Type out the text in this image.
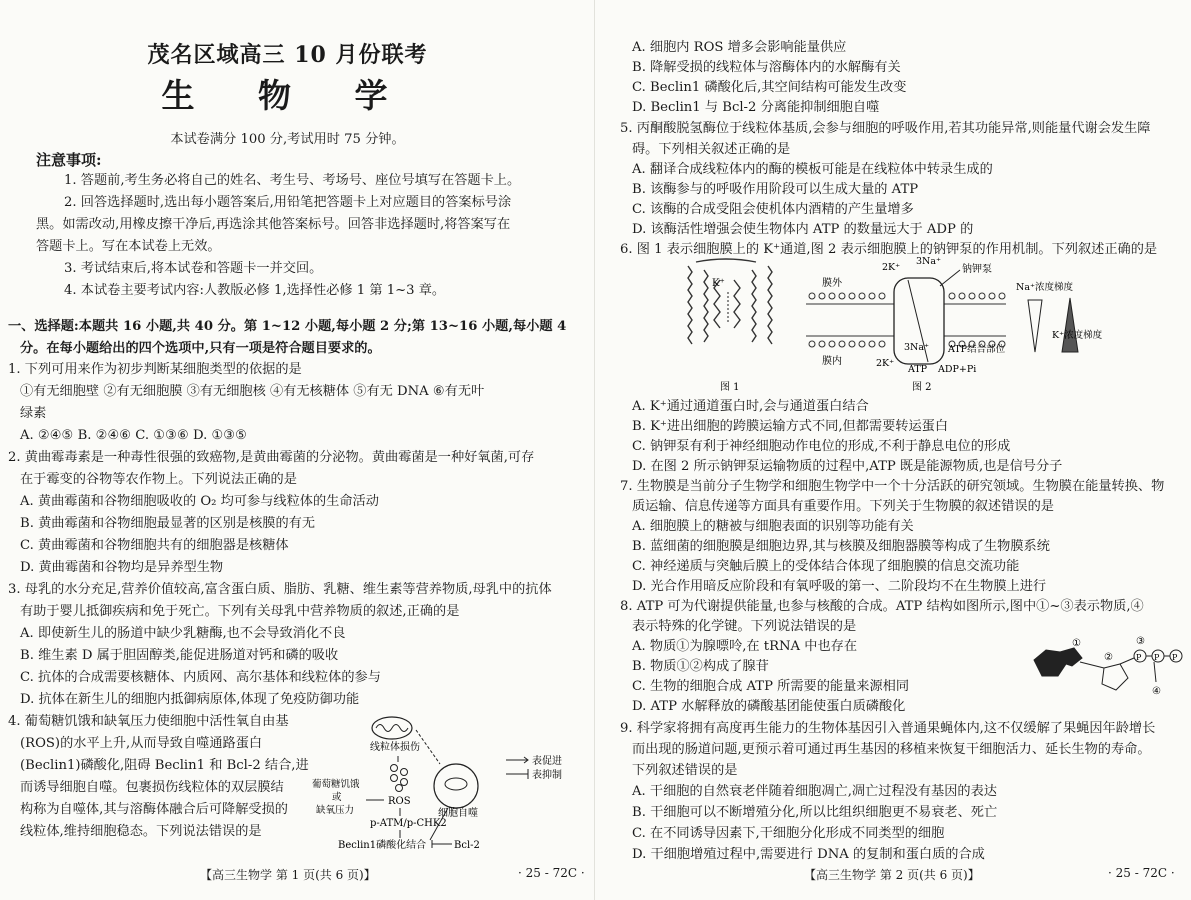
茂名区域高三 10 月份联考
生 物 学
本试卷满分 100 分,考试用时 75 分钟。
注意事项:
1. 答题前,考生务必将自己的姓名、考生号、考场号、座位号填写在答题卡上。
2. 回答选择题时,选出每小题答案后,用铅笔把答题卡上对应题目的答案标号涂
黑。如需改动,用橡皮擦干净后,再选涂其他答案标号。回答非选择题时,将答案写在
答题卡上。写在本试卷上无效。
3. 考试结束后,将本试卷和答题卡一并交回。
4. 本试卷主要考试内容:人教版必修 1,选择性必修 1 第 1~3 章。
一、选择题:本题共 16 小题,共 40 分。第 1~12 小题,每小题 2 分;第 13~16 小题,每小题 4
分。在每小题给出的四个选项中,只有一项是符合题目要求的。
1. 下列可用来作为初步判断某细胞类型的依据的是
①有无细胞壁 ②有无细胞膜 ③有无细胞核 ④有无核糖体 ⑤有无 DNA ⑥有无叶
绿素
A. ②④⑤ B. ②④⑥ C. ①③⑥ D. ①③⑤
2. 黄曲霉毒素是一种毒性很强的致癌物,是黄曲霉菌的分泌物。黄曲霉菌是一种好氧菌,可存
在于霉变的谷物等农作物上。下列说法正确的是
A. 黄曲霉菌和谷物细胞吸收的 O₂ 均可参与线粒体的生命活动
B. 黄曲霉菌和谷物细胞最显著的区别是核膜的有无
C. 黄曲霉菌和谷物细胞共有的细胞器是核糖体
D. 黄曲霉菌和谷物均是异养型生物
3. 母乳的水分充足,营养价值较高,富含蛋白质、脂肪、乳糖、维生素等营养物质,母乳中的抗体
有助于婴儿抵御疾病和免于死亡。下列有关母乳中营养物质的叙述,正确的是
A. 即使新生儿的肠道中缺少乳糖酶,也不会导致消化不良
B. 维生素 D 属于胆固醇类,能促进肠道对钙和磷的吸收
C. 抗体的合成需要核糖体、内质网、高尔基体和线粒体的参与
D. 抗体在新生儿的细胞内抵御病原体,体现了免疫防御功能
4. 葡萄糖饥饿和缺氧压力使细胞中活性氧自由基
(ROS)的水平上升,从而导致自噬通路蛋白
(Beclin1)磷酸化,阻碍 Beclin1 和 Bcl-2 结合,进
而诱导细胞自噬。包裹损伤线粒体的双层膜结
构称为自噬体,其与溶酶体融合后可降解受损的
线粒体,维持细胞稳态。下列说法错误的是
线粒体损伤
细胞自噬
葡萄糖饥饿
或
缺氧压力
ROS
p-ATM/p-CHK2
Beclin1磷酸化结合	Bcl-2
表促进
表抑制
【高三生物学 第 1 页(共 6 页)】	· 25 - 72C ·
A. 细胞内 ROS 增多会影响能量供应
B. 降解受损的线粒体与溶酶体内的水解酶有关
C. Beclin1 磷酸化后,其空间结构可能发生改变
D. Beclin1 与 Bcl-2 分离能抑制细胞自噬
5. 丙酮酸脱氢酶位于线粒体基质,会参与细胞的呼吸作用,若其功能异常,则能量代谢会发生障
碍。下列相关叙述正确的是
A. 翻译合成线粒体内的酶的模板可能是在线粒体中转录生成的
B. 该酶参与的呼吸作用阶段可以生成大量的 ATP
C. 该酶的合成受阻会使机体内酒精的产生量增多
D. 该酶活性增强会使生物体内 ATP 的数量远大于 ADP 的
6. 图 1 表示细胞膜上的 K⁺通道,图 2 表示细胞膜上的钠钾泵的作用机制。下列叙述正确的是
K⁺
图 1
膜外
膜内
2K⁺
3Na⁺
钠钾泵
3Na⁺
2K⁺
ATP结合部位
ATP ADP+Pi
图 2
Na⁺浓度梯度
K⁺浓度梯度
A. K⁺通过通道蛋白时,会与通道蛋白结合
B. K⁺进出细胞的跨膜运输方式不同,但都需要转运蛋白
C. 钠钾泵有利于神经细胞动作电位的形成,不利于静息电位的形成
D. 在图 2 所示钠钾泵运输物质的过程中,ATP 既是能源物质,也是信号分子
7. 生物膜是当前分子生物学和细胞生物学中一个十分活跃的研究领域。生物膜在能量转换、物
质运输、信息传递等方面具有重要作用。下列关于生物膜的叙述错误的是
A. 细胞膜上的糖被与细胞表面的识别等功能有关
B. 蓝细菌的细胞膜是细胞边界,其与核膜及细胞器膜等构成了生物膜系统
C. 神经递质与突触后膜上的受体结合体现了细胞膜的信息交流功能
D. 光合作用暗反应阶段和有氧呼吸的第一、二阶段均不在生物膜上进行
8. ATP 可为代谢提供能量,也参与核酸的合成。ATP 结构如图所示,图中①~③表示物质,④
表示特殊的化学键。下列说法错误的是
A. 物质①为腺嘌呤,在 tRNA 中也存在
B. 物质①②构成了腺苷
C. 生物的细胞合成 ATP 所需要的能量来源相同
D. ATP 水解释放的磷酸基团能使蛋白质磷酸化
9. 科学家将拥有高度再生能力的生物体基因引入普通果蝇体内,这不仅缓解了果蝇因年龄增长
而出现的肠道问题,更预示着可通过再生基因的移植来恢复干细胞活力、延长生物的寿命。
下列叙述错误的是
A. 干细胞的自然衰老伴随着细胞凋亡,凋亡过程没有基因的表达
B. 干细胞可以不断增殖分化,所以比组织细胞更不易衰老、死亡
C. 在不同诱导因素下,干细胞分化形成不同类型的细胞
D. 干细胞增殖过程中,需要进行 DNA 的复制和蛋白质的合成
①
②	P P P
③
④
【高三生物学 第 2 页(共 6 页)】	· 25 - 72C ·
